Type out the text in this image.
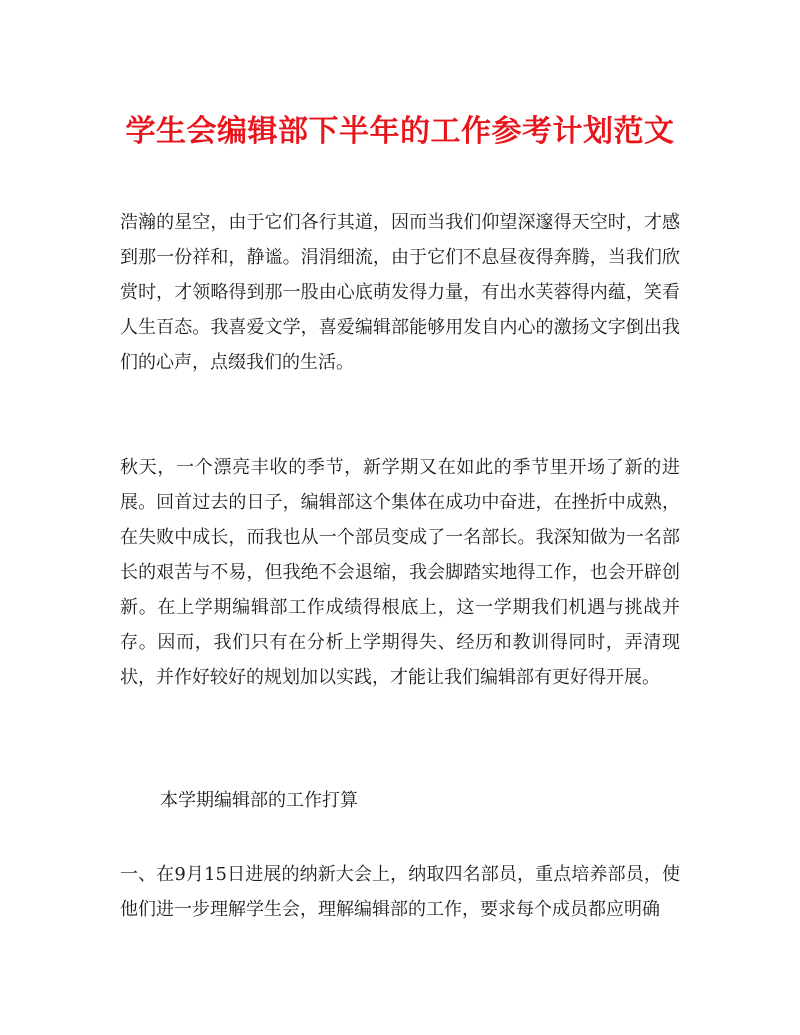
学生会编辑部下半年的工作参考计划范文

浩瀚的星空，由于它们各行其道，因而当我们仰望深邃得天空时，才感到那一份祥和，静谧。涓涓细流，由于它们不息昼夜得奔腾，当我们欣赏时，才领略得到那一股由心底萌发得力量，有出水芙蓉得内蕴，笑看人生百态。我喜爱文学，喜爱编辑部能够用发自内心的激扬文字倒出我们的心声，点缀我们的生活。

秋天，一个漂亮丰收的季节，新学期又在如此的季节里开场了新的进展。回首过去的日子，编辑部这个集体在成功中奋进，在挫折中成熟，在失败中成长，而我也从一个部员变成了一名部长。我深知做为一名部长的艰苦与不易，但我绝不会退缩，我会脚踏实地得工作，也会开辟创新。在上学期编辑部工作成绩得根底上，这一学期我们机遇与挑战并存。因而，我们只有在分析上学期得失、经历和教训得同时，弄清现状，并作好较好的规划加以实践，才能让我们编辑部有更好得开展。

本学期编辑部的工作打算

一、在9月15日进展的纳新大会上，纳取四名部员，重点培养部员，使他们进一步理解学生会，理解编辑部的工作，要求每个成员都应明确
